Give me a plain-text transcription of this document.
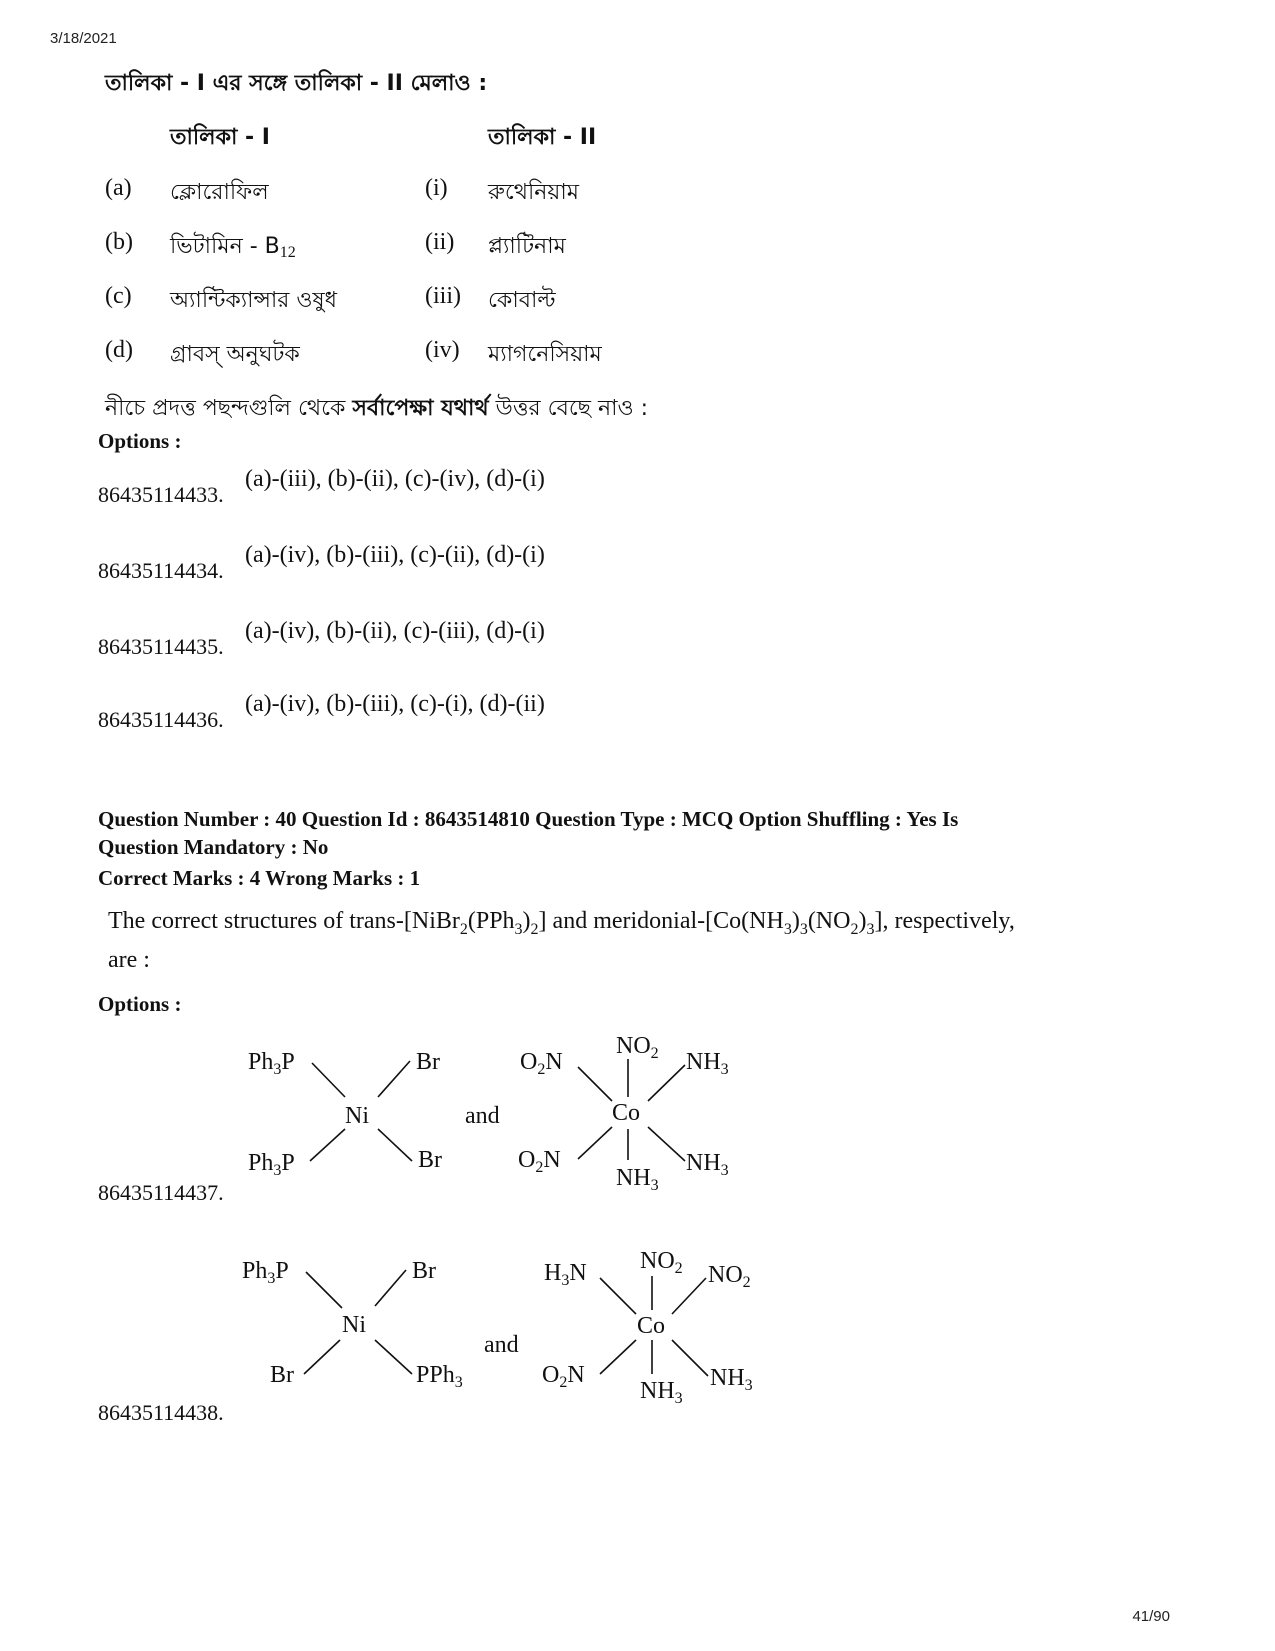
3/18/2021
41/90
তালিকা - I এর সঙ্গে তালিকা - II মেলাও :
তালিকা - I	তালিকা - II
(a) ক্লোরোফিল	(i) রুথেনিয়াম
(b) ভিটামিন - $B_{12}$	(ii) প্ল্যাটিনাম
(c) অ্যান্টিক্যান্সার ওষুধ	(iii) কোবাল্ট
(d) গ্রাবস্ অনুঘটক	(iv) ম্যাগনেসিয়াম
নীচে প্রদত্ত পছন্দগুলি থেকে সর্বাপেক্ষা যথার্থ উত্তর বেছে নাও :
Options :
86435114433.
(a)-(iii), (b)-(ii), (c)-(iv), (d)-(i)
86435114434.
(a)-(iv), (b)-(iii), (c)-(ii), (d)-(i)
86435114435.
(a)-(iv), (b)-(ii), (c)-(iii), (d)-(i)
86435114436.
(a)-(iv), (b)-(iii), (c)-(i), (d)-(ii)
Question Number : 40 Question Id : 8643514810 Question Type : MCQ Option Shuffling : Yes Is
Question Mandatory : No
Correct Marks : 4 Wrong Marks : 1
The correct structures of trans-$[NiBr_2(PPh_3)_2]$ and meridonial-$[Co(NH_3)_3(NO_2)_3]$, respectively,
are :
Options :
$Ph_3P$	Br
Ni
$Ph_3P$	Br
and
$O_2N$
$NO_2$ $NH_3$
Co
$O_2N$	$NH_3$
$NH_3$
86435114437.
$Ph_3P$	Br
Ni
Br	PPh$_3$
and
$H_3N$ $NO_2$ $NO_2$
Co
$O_2N$	$NH_3$
$NH_3$
86435114438.
